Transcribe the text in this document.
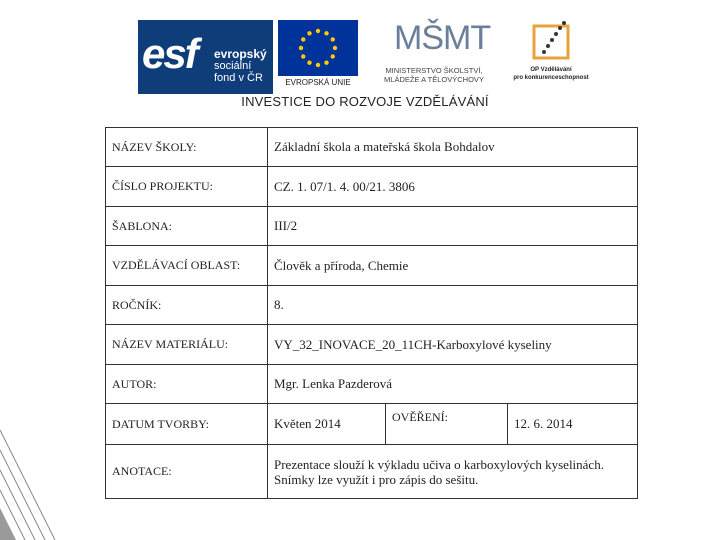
esf evropský
sociální
fond v ČR	EVROPSKÁ UNIE
MŠMT
MINISTERSTVO ŠKOLSTVÍ,
MLÁDEŽE A TĚLOVÝCHOVY
OP Vzdělávání
pro konkurenceschopnost
INVESTICE DO ROZVOJE VZDĚLÁVÁNÍ
NÁZEV ŠKOLY:	Základní škola a mateřská škola Bohdalov		
ČÍSLO PROJEKTU:	CZ. 1. 07/1. 4. 00/21. 3806		
ŠABLONA:	III/2		
VZDĚLÁVACÍ OBLAST:	Člověk a příroda, Chemie		
ROČNÍK:	8.		
NÁZEV MATERIÁLU:	VY_32_INOVACE_20_11CH-Karboxylové kyseliny		
AUTOR:	Mgr. Lenka Pazderová		
DATUM TVORBY:	Květen 2014	OVĚŘENÍ:	12. 6. 2014
ANOTACE:	Prezentace slouží k výkladu učiva o karboxylových kyselinách. Snímky lze využít i pro zápis do sešitu.		
